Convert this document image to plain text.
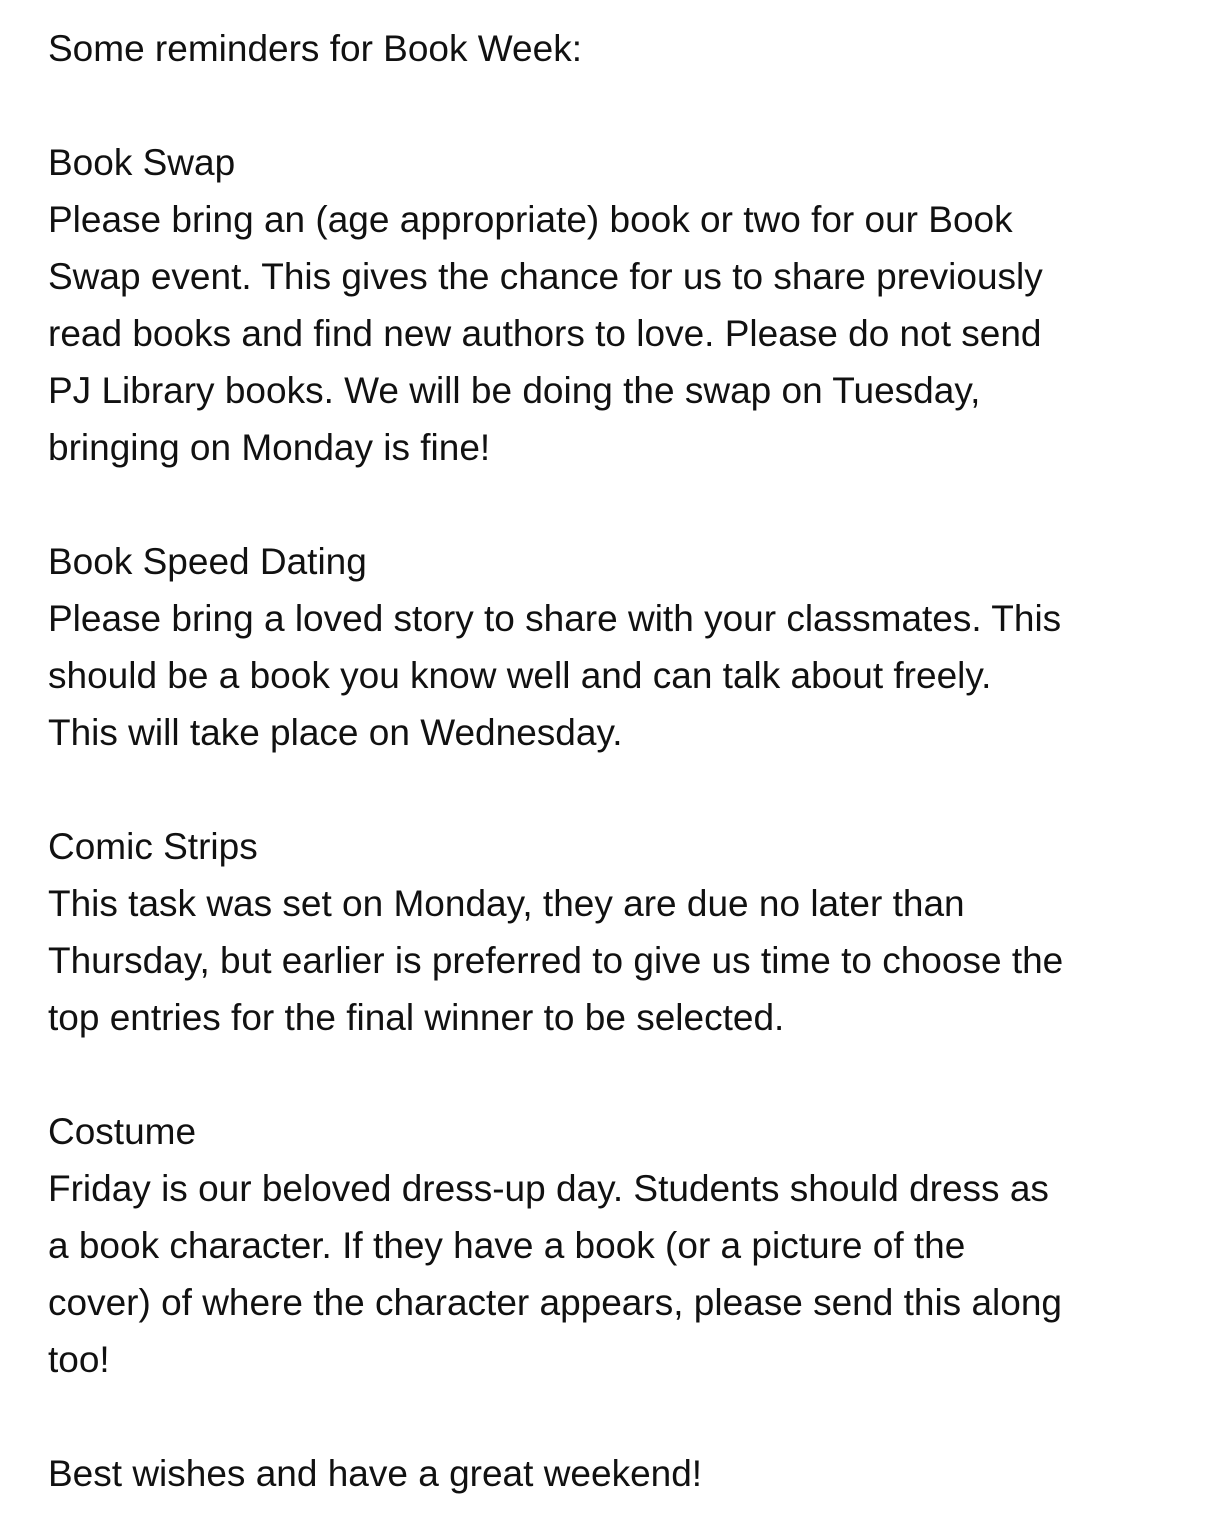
Some reminders for Book Week:
Book Swap
Please bring an (age appropriate) book or two for our Book
Swap event. This gives the chance for us to share previously
read books and find new authors to love. Please do not send
PJ Library books. We will be doing the swap on Tuesday,
bringing on Monday is fine!
Book Speed Dating
Please bring a loved story to share with your classmates. This
should be a book you know well and can talk about freely.
This will take place on Wednesday.
Comic Strips
This task was set on Monday, they are due no later than
Thursday, but earlier is preferred to give us time to choose the
top entries for the final winner to be selected.
Costume
Friday is our beloved dress-up day. Students should dress as
a book character. If they have a book (or a picture of the
cover) of where the character appears, please send this along
too!
Best wishes and have a great weekend!
